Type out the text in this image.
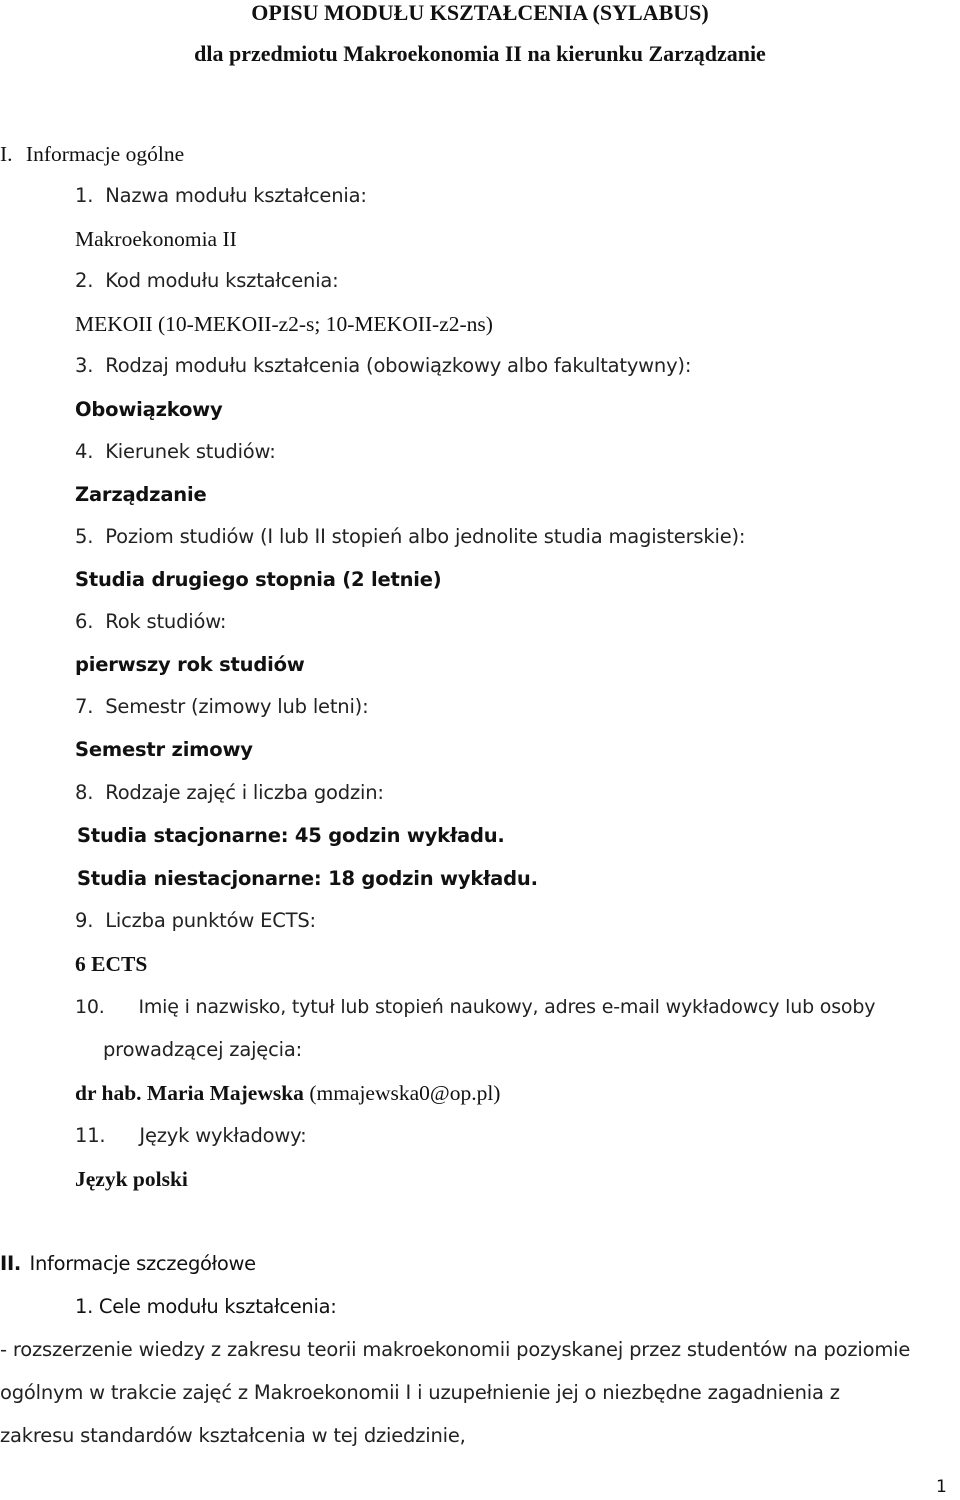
OPISU MODUŁU KSZTAŁCENIA (SYLABUS)
dla przedmiotu Makroekonomia II na kierunku Zarządzanie
I. Informacje ogólne
1. Nazwa modułu kształcenia:
Makroekonomia II
2. Kod modułu kształcenia:
MEKOII (10-MEKOII-z2-s; 10-MEKOII-z2-ns)
3. Rodzaj modułu kształcenia (obowiązkowy albo fakultatywny):
Obowiązkowy
4. Kierunek studiów:
Zarządzanie
5. Poziom studiów (I lub II stopień albo jednolite studia magisterskie):
Studia drugiego stopnia (2 letnie)
6. Rok studiów:
pierwszy rok studiów
7. Semestr (zimowy lub letni):
Semestr zimowy
8. Rodzaje zajęć i liczba godzin:
Studia stacjonarne: 45 godzin wykładu.
Studia niestacjonarne: 18 godzin wykładu.
9. Liczba punktów ECTS:
6 ECTS
10. Imię i nazwisko, tytuł lub stopień naukowy, adres e-mail wykładowcy lub osoby
prowadzącej zajęcia:
dr hab. Maria Majewska (mmajewska0@op.pl)
11. Język wykładowy:
Język polski
II. Informacje szczegółowe
1. Cele modułu kształcenia:
- rozszerzenie wiedzy z zakresu teorii makroekonomii pozyskanej przez studentów na poziomie
ogólnym w trakcie zajęć z Makroekonomii I i uzupełnienie jej o niezbędne zagadnienia z
zakresu standardów kształcenia w tej dziedzinie,
1
